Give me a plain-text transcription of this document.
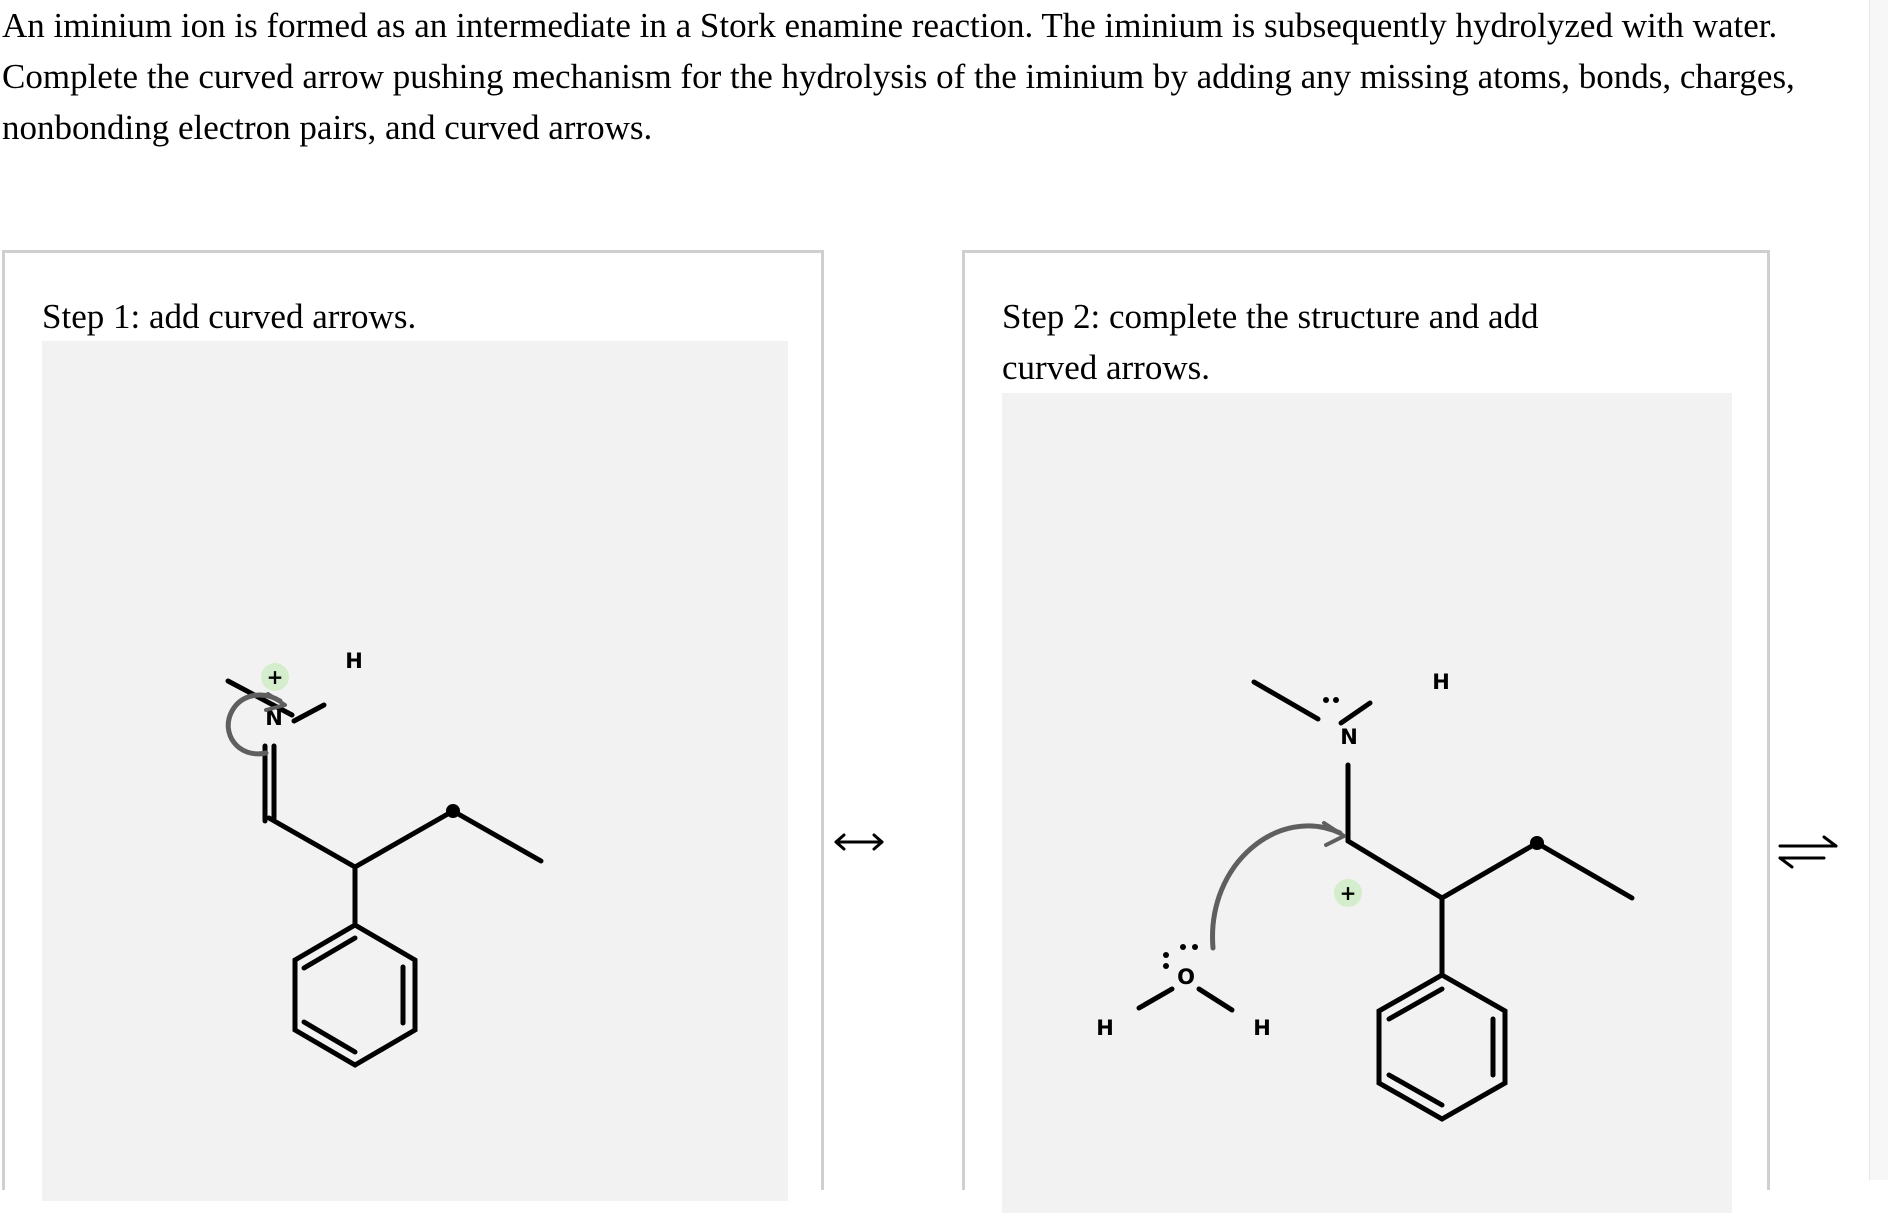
An iminium ion is formed as an intermediate in a Stork enamine reaction. The iminium is subsequently hydrolyzed with water. Complete the curved arrow pushing mechanism for the hydrolysis of the iminium by adding any missing atoms, bonds, charges, nonbonding electron pairs, and curved arrows.
Step 1: add curved arrows.
+
N
H
Step 2: complete the structure and add curved arrows.
N
H
O
H	H
+
